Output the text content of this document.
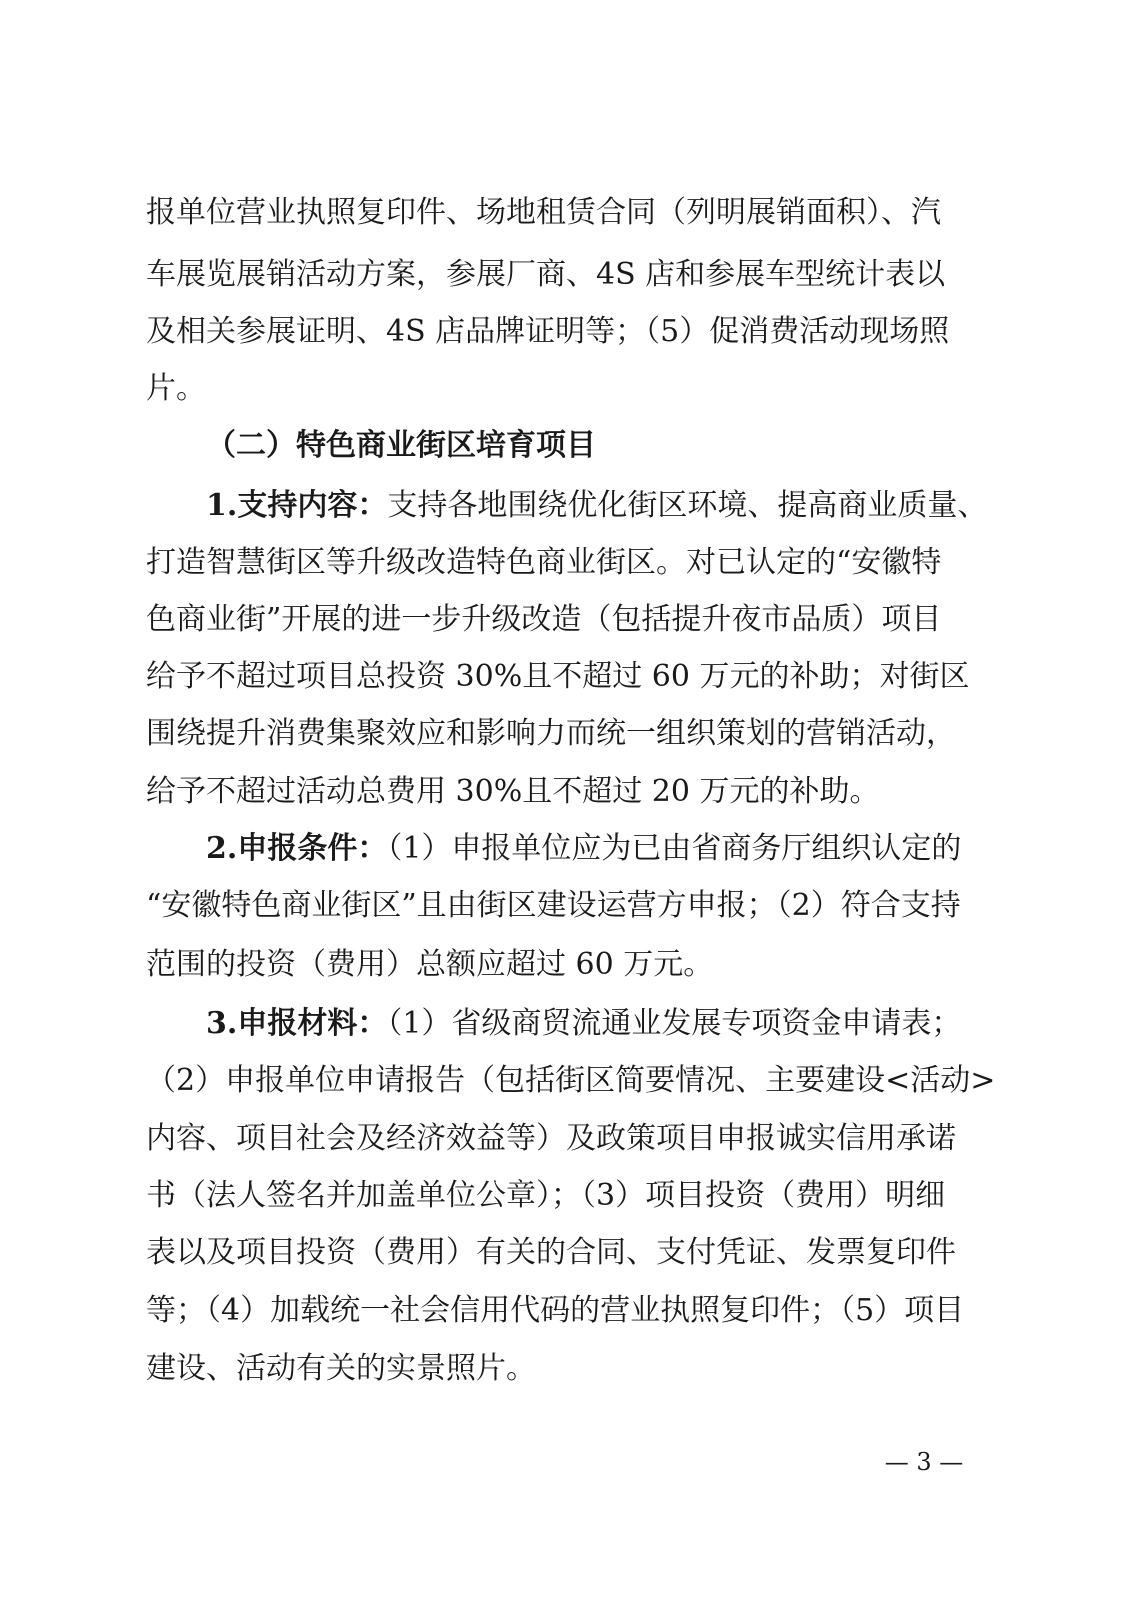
报单位营业执照复印件、场地租赁合同（列明展销面积）、汽
车展览展销活动方案，参展厂商、4S 店和参展车型统计表以
及相关参展证明、4S 店品牌证明等；（5）促消费活动现场照
片。
（二）特色商业街区培育项目
1.支持内容：支持各地围绕优化街区环境、提高商业质量、
打造智慧街区等升级改造特色商业街区。对已认定的“安徽特
色商业街”开展的进一步升级改造（包括提升夜市品质）项目
给予不超过项目总投资 30%且不超过 60 万元的补助；对街区
围绕提升消费集聚效应和影响力而统一组织策划的营销活动，
给予不超过活动总费用 30%且不超过 20 万元的补助。
2.申报条件：（1）申报单位应为已由省商务厅组织认定的
“安徽特色商业街区”且由街区建设运营方申报；（2）符合支持
范围的投资（费用）总额应超过 60 万元。
3.申报材料：（1）省级商贸流通业发展专项资金申请表；
（2）申报单位申请报告（包括街区简要情况、主要建设<活动>
内容、项目社会及经济效益等）及政策项目申报诚实信用承诺
书（法人签名并加盖单位公章）；（3）项目投资（费用）明细
表以及项目投资（费用）有关的合同、支付凭证、发票复印件
等；（4）加载统一社会信用代码的营业执照复印件；（5）项目
建设、活动有关的实景照片。
— 3 —
